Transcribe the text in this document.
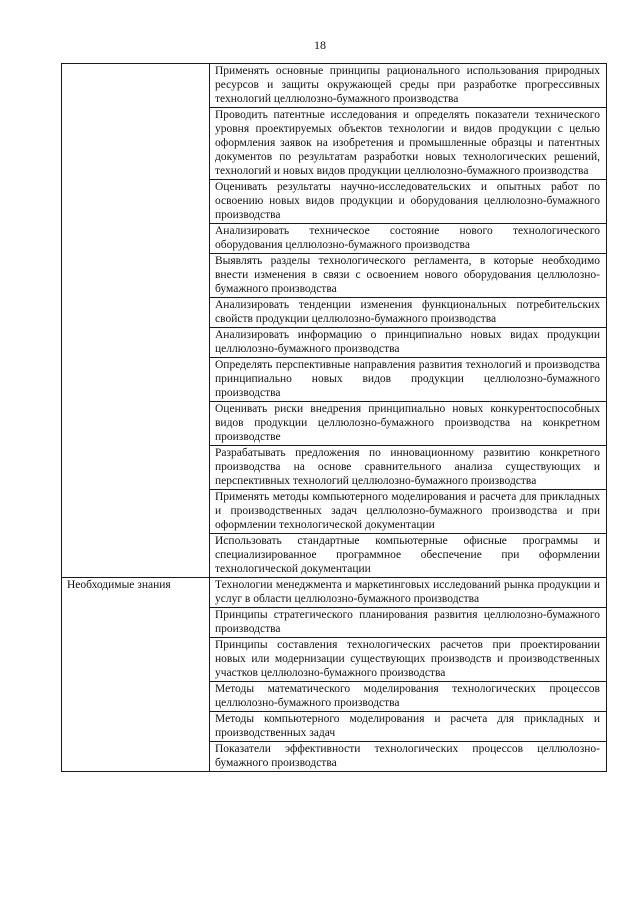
18
	Применять основные принципы рационального использования природных ресурсов и защиты окружающей среды при разработке прогрессивных технологий целлюлозно-бумажного производства
	Проводить патентные исследования и определять показатели технического уровня проектируемых объектов технологии и видов продукции с целью оформления заявок на изобретения и промышленные образцы и патентных документов по результатам разработки новых технологических решений, технологий и новых видов продукции целлюлозно-бумажного производства
	Оценивать результаты научно-исследовательских и опытных работ по освоению новых видов продукции и оборудования целлюлозно-бумажного производства
	Анализировать техническое состояние нового технологического оборудования целлюлозно-бумажного производства
	Выявлять разделы технологического регламента, в которые необходимо внести изменения в связи с освоением нового оборудования целлюлозно-бумажного производства
	Анализировать тенденции изменения функциональных потребительских свойств продукции целлюлозно-бумажного производства
	Анализировать информацию о принципиально новых видах продукции целлюлозно-бумажного производства
	Определять перспективные направления развития технологий и производства принципиально новых видов продукции целлюлозно-бумажного производства
	Оценивать риски внедрения принципиально новых конкурентоспособных видов продукции целлюлозно-бумажного производства на конкретном производстве
	Разрабатывать предложения по инновационному развитию конкретного производства на основе сравнительного анализа существующих и перспективных технологий целлюлозно-бумажного производства
	Применять методы компьютерного моделирования и расчета для прикладных и производственных задач целлюлозно-бумажного производства и при оформлении технологической документации
	Использовать стандартные компьютерные офисные программы и специализированное программное обеспечение при оформлении технологической документации
Необходимые знания	Технологии менеджмента и маркетинговых исследований рынка продукции и услуг в области целлюлозно-бумажного производства
	Принципы стратегического планирования развития целлюлозно-бумажного производства
	Принципы составления технологических расчетов при проектировании новых или модернизации существующих производств и производственных участков целлюлозно-бумажного производства
	Методы математического моделирования технологических процессов целлюлозно-бумажного производства
	Методы компьютерного моделирования и расчета для прикладных и производственных задач
	Показатели эффективности технологических процессов целлюлозно-бумажного производства
